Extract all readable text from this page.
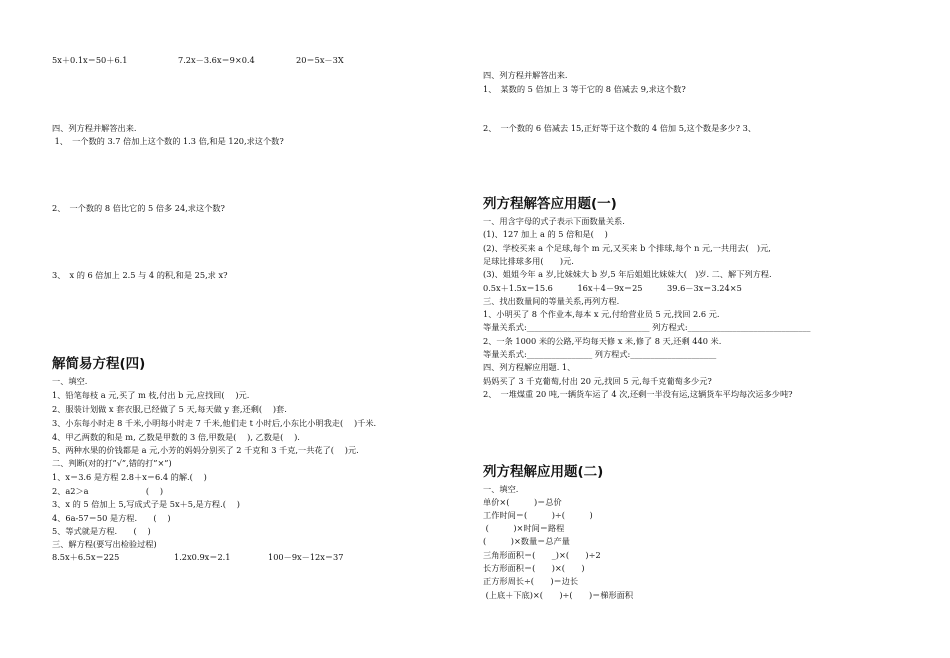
5x＋0.1x＝50＋6.1	7.2x－3.6x＝9×0.4	20＝5x－3X
四、列方程并解答出来.
1、　一个数的 3.7 倍加上这个数的 1.3 倍,和是 120,求这个数?
2、　一个数的 8 倍比它的 5 倍多 24,求这个数?
3、　x 的 6 倍加上 2.5 与 4 的积,和是 25,求 x?
解简易方程(四)
一、填空.
1、铅笔每枝 a 元,买了 m 枝,付出 b 元,应找回(　 )元.
2、服装计划做 x 套衣服,已经做了 5 天,每天做 y 套,还剩(　 )套.
3、小东每小时走 8 千米,小明每小时走 7 千米,他们走 t 小时后,小东比小明我走(　 )千米.
4、甲乙两数的和是 m, 乙数是甲数的 3 倍,甲数是(　 ), 乙数是(　 ).
5、两种水果的价钱都是 a 元,小芳的妈妈分别买了 2 千克和 3 千克,一共花了(　 )元.
二、判断(对的打”√”,错的打”×”)
1、x＝3.6 是方程 2.8＋x＝6.4 的解.(　 )
2、a2＞a　　　　　　　(　 )
3、x 的 5 倍加上 5,写成式子是 5x＋5,是方程.(　 )
4、6a-57＝50 是方程.　　(　 )
5、等式就是方程.　　(　 )
三、解方程(要写出检验过程)
8.5x＋6.5x＝225	1.2x0.9x＝2.1	100－9x－12x＝37
四、列方程并解答出来.
1、　某数的 5 倍加上 3 等于它的 8 倍减去 9,求这个数?
2、　一个数的 6 倍减去 15,正好等于这个数的 4 倍加 5,这个数是多少? 3、
列方程解答应用题(一)
一、用含字母的式子表示下面数量关系.
(1)、127 加上 a 的 5 倍和是(　 )
(2)、学校买来 a 个足球,每个 m 元,又买来 b 个排球,每个 n 元,一共用去(　)元,
足球比排球多用(　　)元.
(3)、姐姐今年 a 岁,比妹妹大 b 岁,5 年后姐姐比妹妹大(　)岁. 二、解下列方程.
0.5x＋1.5x＝15.6　　　16x＋4－9x＝25　　　39.6－3x＝3.24×5
三、找出数量间的等量关系,再列方程.
1、小明买了 8 个作业本,每本 x 元,付给营业员 5 元,找回 2.6 元.
等量关系式:______________________________ 列方程式:______________________________
2、一条 1000 米的公路,平均每天修 x 米,修了 8 天,还剩 440 米.
等量关系式:________________ 列方程式:_____________________
四、列方程解应用题. 1、
妈妈买了 3 千克葡萄,付出 20 元,找回 5 元,每千克葡萄多少元?
2、　一堆煤重 20 吨,一辆货车运了 4 次,还剩一半没有运,这辆货车平均每次运多少吨?
列方程解应用题(二)
一、填空.
单价×(　　　)＝总价
工作时间＝(　　　)÷(　　　)
(　　　)×时间＝路程
(　　　)×数量＝总产量
三角形面积＝(　　_)×(　　)÷2
长方形面积＝(　　)×(　　)
正方形周长÷(　　)＝边长
(上底＋下底)×(　　)÷(　　)＝梯形面积
